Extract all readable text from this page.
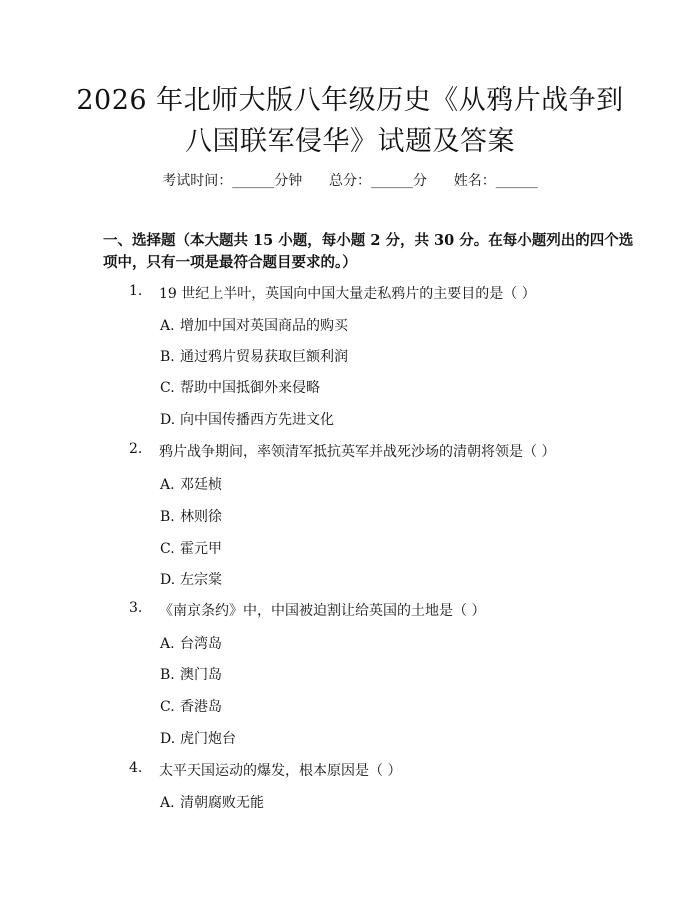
2026 年北师大版八年级历史《从鸦片战争到
八国联军侵华》试题及答案
考试时间：______分钟      总分：______分      姓名：______
一、选择题（本大题共 15 小题，每小题 2 分，共 30 分。在每小题列出的四个选
项中，只有一项是最符合题目要求的。）
1. 19 世纪上半叶，英国向中国大量走私鸦片的主要目的是（ ）
A. 增加中国对英国商品的购买
B. 通过鸦片贸易获取巨额利润
C. 帮助中国抵御外来侵略
D. 向中国传播西方先进文化
2. 鸦片战争期间，率领清军抵抗英军并战死沙场的清朝将领是（ ）
A. 邓廷桢
B. 林则徐
C. 霍元甲
D. 左宗棠
3. 《南京条约》中，中国被迫割让给英国的土地是（ ）
A. 台湾岛
B. 澳门岛
C. 香港岛
D. 虎门炮台
4. 太平天国运动的爆发，根本原因是（ ）
A. 清朝腐败无能
